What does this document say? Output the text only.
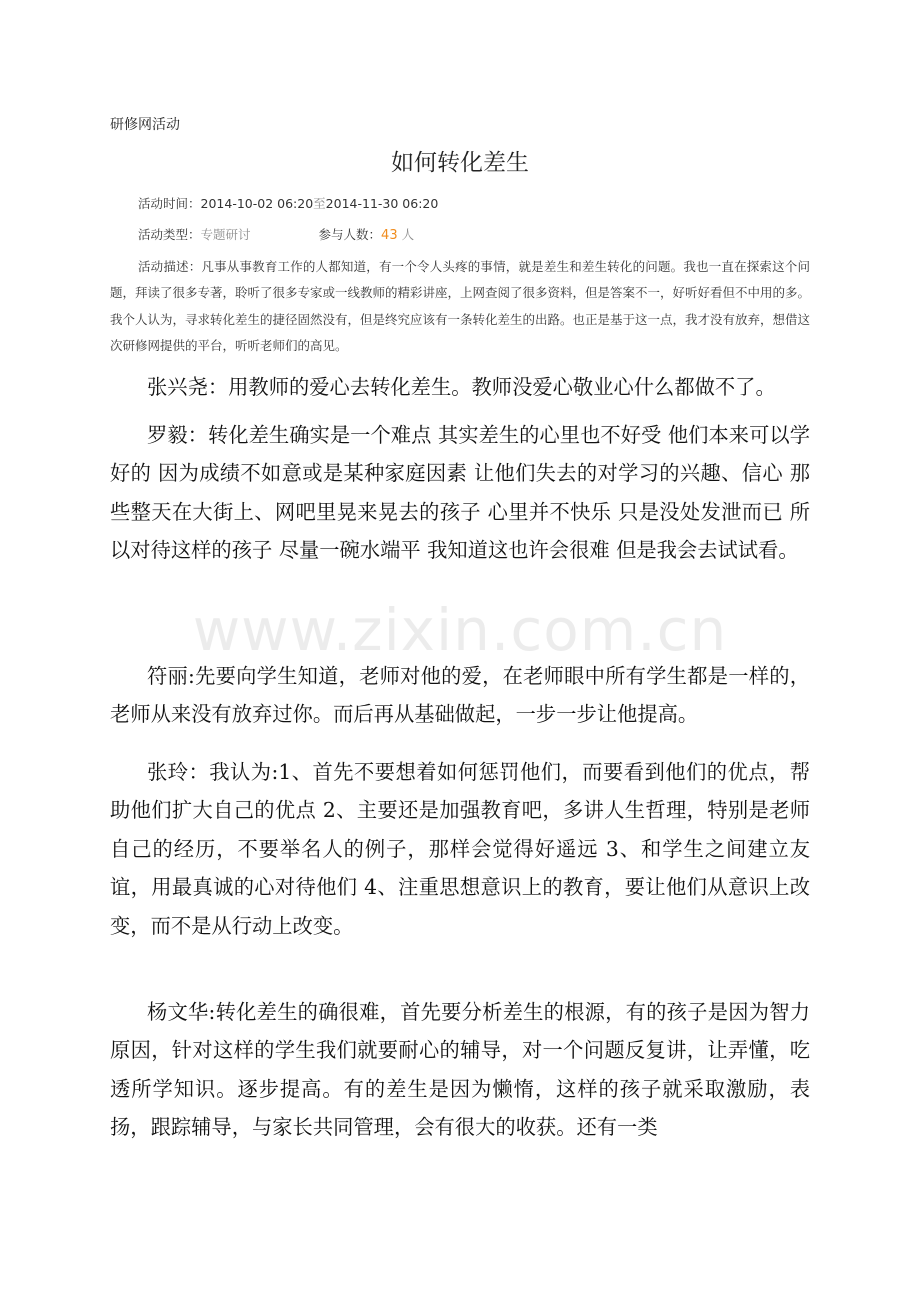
研修网活动
如何转化差生
活动时间：2014-10-02 06:20至2014-11-30 06:20
活动类型：专题研讨	参与人数：43 人
活动描述：凡事从事教育工作的人都知道，有一个令人头疼的事情，就是差生和差生转化的问题。我也一直在探索这个问题，拜读了很多专著，聆听了很多专家或一线教师的精彩讲座，上网查阅了很多资料，但是答案不一，好听好看但不中用的多。我个人认为，寻求转化差生的捷径固然没有，但是终究应该有一条转化差生的出路。也正是基于这一点，我才没有放弃，想借这次研修网提供的平台，听听老师们的高见。

张兴尧：用教师的爱心去转化差生。教师没爱心敬业心什么都做不了。

罗毅：转化差生确实是一个难点 其实差生的心里也不好受 他们本来可以学好的 因为成绩不如意或是某种家庭因素 让他们失去的对学习的兴趣、信心 那些整天在大街上、网吧里晃来晃去的孩子 心里并不快乐 只是没处发泄而已 所以对待这样的孩子 尽量一碗水端平 我知道这也许会很难 但是我会去试试看。

符丽:先要向学生知道，老师对他的爱，在老师眼中所有学生都是一样的，老师从来没有放弃过你。而后再从基础做起，一步一步让他提高。

张玲：我认为:1、首先不要想着如何惩罚他们，而要看到他们的优点，帮助他们扩大自己的优点 2、主要还是加强教育吧，多讲人生哲理，特别是老师自己的经历，不要举名人的例子，那样会觉得好遥远 3、和学生之间建立友谊，用最真诚的心对待他们 4、注重思想意识上的教育，要让他们从意识上改变，而不是从行动上改变。

杨文华:转化差生的确很难，首先要分析差生的根源，有的孩子是因为智力原因，针对这样的学生我们就要耐心的辅导，对一个问题反复讲，让弄懂，吃透所学知识。逐步提高。有的差生是因为懒惰，这样的孩子就采取激励，表扬，跟踪辅导，与家长共同管理，会有很大的收获。还有一类

www.zixin.com.cn
